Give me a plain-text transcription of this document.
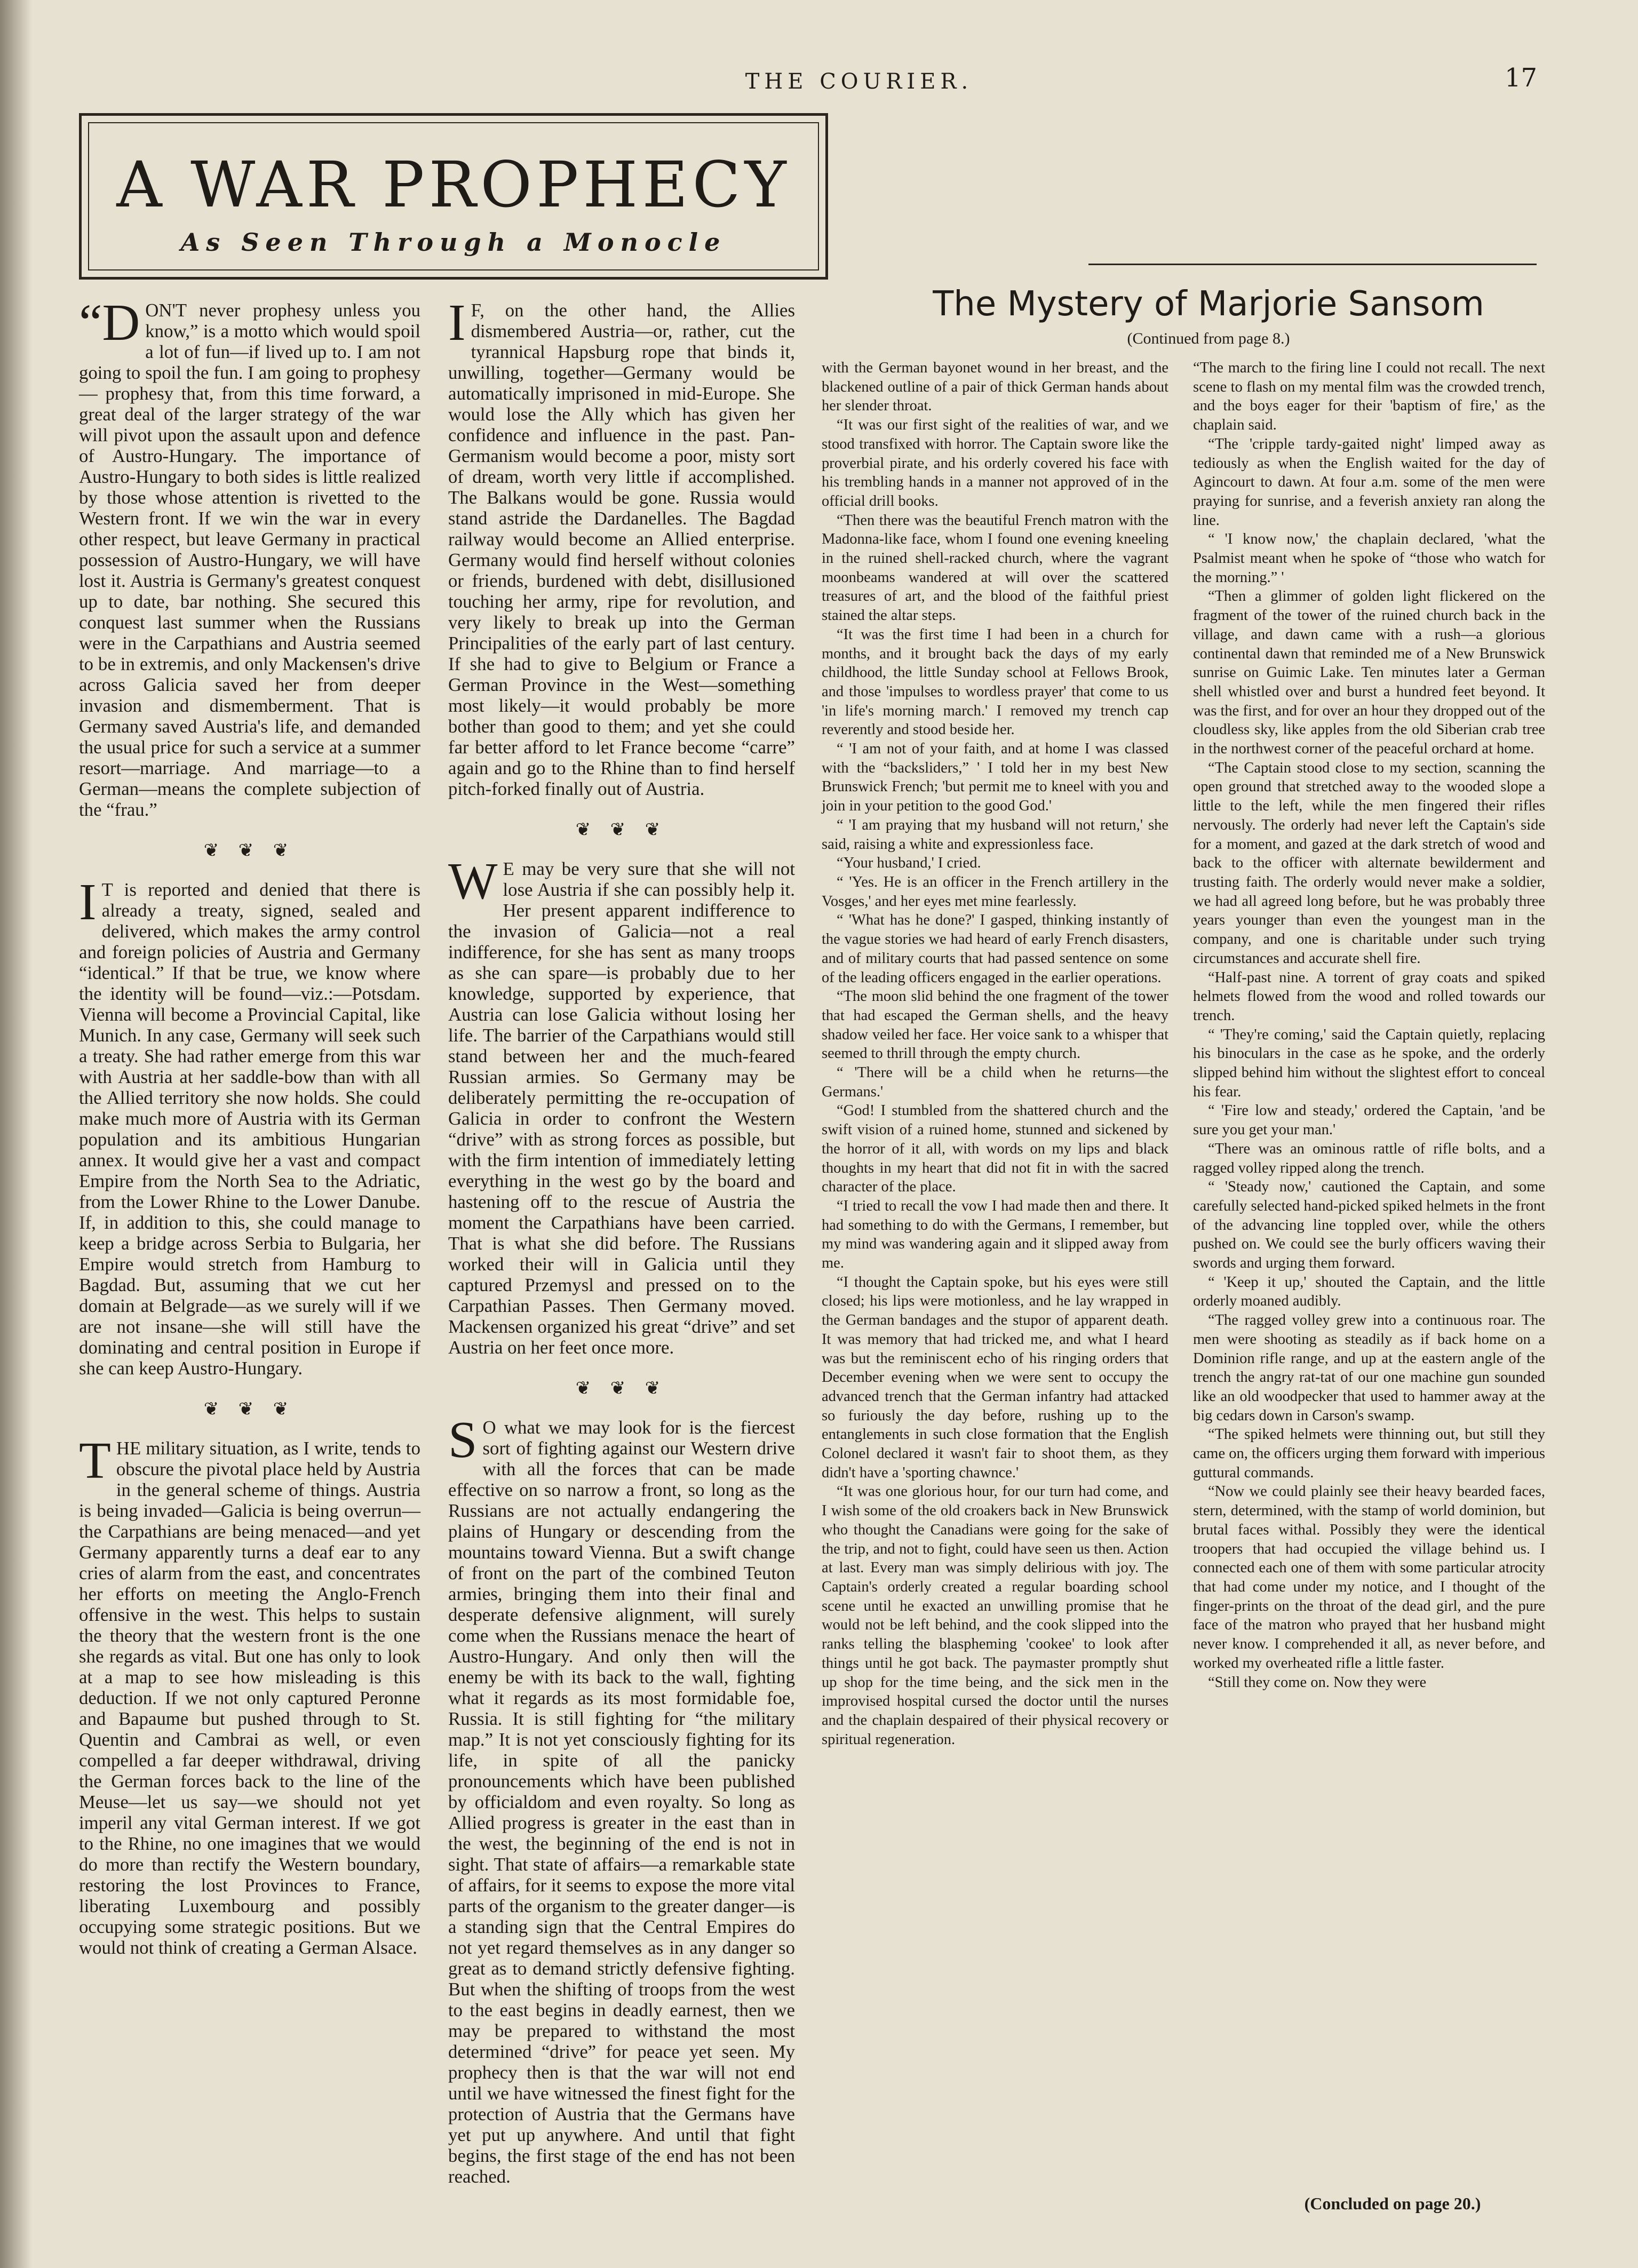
THE COURIER.	17
A WAR PROPHECY
As Seen Through a Monocle

“DON'T never prophesy unless you know,” is a motto which would spoil a lot of fun—if lived up to. I am not going to spoil the fun. I am going to prophesy — prophesy that, from this time forward, a great deal of the larger strategy of the war will pivot upon the assault upon and defence of Austro-Hungary. The importance of Austro-Hungary to both sides is little realized by those whose attention is rivetted to the Western front. If we win the war in every other respect, but leave Germany in practical possession of Austro-Hungary, we will have lost it. Austria is Germany's greatest conquest up to date, bar nothing. She secured this conquest last summer when the Russians were in the Carpathians and Austria seemed to be in extremis, and only Mackensen's drive across Galicia saved her from deeper invasion and dismemberment. That is Germany saved Austria's life, and demanded the usual price for such a service at a summer resort—marriage. And marriage—to a German—means the complete subjection of the “frau.”

❦ ❦ ❦

I T is reported and denied that there is already a treaty, signed, sealed and delivered, which makes the army control and foreign policies of Austria and Germany “identical.” If that be true, we know where the identity will be found—viz.:—Potsdam. Vienna will become a Provincial Capital, like Munich. In any case, Germany will seek such a treaty. She had rather emerge from this war with Austria at her saddle-bow than with all the Allied territory she now holds. She could make much more of Austria with its German population and its ambitious Hungarian annex. It would give her a vast and compact Empire from the North Sea to the Adriatic, from the Lower Rhine to the Lower Danube. If, in addition to this, she could manage to keep a bridge across Serbia to Bulgaria, her Empire would stretch from Hamburg to Bagdad. But, assuming that we cut her domain at Belgrade—as we surely will if we are not insane—she will still have the dominating and central position in Europe if she can keep Austro-Hungary.

❦ ❦ ❦

THE military situation, as I write, tends to obscure the pivotal place held by Austria in the general scheme of things. Austria is being invaded—Galicia is being overrun—the Carpathians are being menaced—and yet Germany apparently turns a deaf ear to any cries of alarm from the east, and concentrates her efforts on meeting the Anglo-French offensive in the west. This helps to sustain the theory that the western front is the one she regards as vital. But one has only to look at a map to see how misleading is this deduction. If we not only captured Peronne and Bapaume but pushed through to St. Quentin and Cambrai as well, or even compelled a far deeper withdrawal, driving the German forces back to the line of the Meuse—let us say—we should not yet imperil any vital German interest. If we got to the Rhine, no one imagines that we would do more than rectify the Western boundary, restoring the lost Provinces to France, liberating Luxembourg and possibly occupying some strategic positions. But we would not think of creating a German Alsace.

I F, on the other hand, the Allies dismembered Austria—or, rather, cut the tyrannical Hapsburg rope that binds it, unwilling, together—Germany would be automatically imprisoned in mid-Europe. She would lose the Ally which has given her confidence and influence in the past. Pan-Germanism would become a poor, misty sort of dream, worth very little if accomplished. The Balkans would be gone. Russia would stand astride the Dardanelles. The Bagdad railway would become an Allied enterprise. Germany would find herself without colonies or friends, burdened with debt, disillusioned touching her army, ripe for revolution, and very likely to break up into the German Principalities of the early part of last century. If she had to give to Belgium or France a German Province in the West—something most likely—it would probably be more bother than good to them; and yet she could far better afford to let France become “carre” again and go to the Rhine than to find herself pitch-forked finally out of Austria.

❦ ❦ ❦

W E may be very sure that she will not lose Austria if she can possibly help it. Her present apparent indifference to the invasion of Galicia—not a real indifference, for she has sent as many troops as she can spare—is probably due to her knowledge, supported by experience, that Austria can lose Galicia without losing her life. The barrier of the Carpathians would still stand between her and the much-feared Russian armies. So Germany may be deliberately permitting the re-occupation of Galicia in order to confront the Western “drive” with as strong forces as possible, but with the firm intention of immediately letting everything in the west go by the board and hastening off to the rescue of Austria the moment the Carpathians have been carried. That is what she did before. The Russians worked their will in Galicia until they captured Przemysl and pressed on to the Carpathian Passes. Then Germany moved. Mackensen organized his great “drive” and set Austria on her feet once more.

❦ ❦ ❦

S O what we may look for is the fiercest sort of fighting against our Western drive with all the forces that can be made effective on so narrow a front, so long as the Russians are not actually endangering the plains of Hungary or descending from the mountains toward Vienna. But a swift change of front on the part of the combined Teuton armies, bringing them into their final and desperate defensive alignment, will surely come when the Russians menace the heart of Austro-Hungary. And only then will the enemy be with its back to the wall, fighting what it regards as its most formidable foe, Russia. It is still fighting for “the military map.” It is not yet consciously fighting for its life, in spite of all the panicky pronouncements which have been published by officialdom and even royalty. So long as Allied progress is greater in the east than in the west, the beginning of the end is not in sight. That state of affairs—a remarkable state of affairs, for it seems to expose the more vital parts of the organism to the greater danger—is a standing sign that the Central Empires do not yet regard themselves as in any danger so great as to demand strictly defensive fighting. But when the shifting of troops from the west to the east begins in deadly earnest, then we may be prepared to withstand the most determined “drive” for peace yet seen. My prophecy then is that the war will not end until we have witnessed the finest fight for the protection of Austria that the Germans have yet put up anywhere. And until that fight begins, the first stage of the end has not been reached.

The Mystery of Marjorie Sansom
(Continued from page 8.)

with the German bayonet wound in her breast, and the blackened outline of a pair of thick German hands about her slender throat.

“It was our first sight of the realities of war, and we stood transfixed with horror. The Captain swore like the proverbial pirate, and his orderly covered his face with his trembling hands in a manner not approved of in the official drill books.

“Then there was the beautiful French matron with the Madonna-like face, whom I found one evening kneeling in the ruined shell-racked church, where the vagrant moonbeams wandered at will over the scattered treasures of art, and the blood of the faithful priest stained the altar steps.

“It was the first time I had been in a church for months, and it brought back the days of my early childhood, the little Sunday school at Fellows Brook, and those 'impulses to wordless prayer' that come to us 'in life's morning march.' I removed my trench cap reverently and stood beside her.

“ 'I am not of your faith, and at home I was classed with the “backsliders,” ' I told her in my best New Brunswick French; 'but permit me to kneel with you and join in your petition to the good God.'

“ 'I am praying that my husband will not return,' she said, raising a white and expressionless face.

“Your husband,' I cried.

“ 'Yes. He is an officer in the French artillery in the Vosges,' and her eyes met mine fearlessly.

“ 'What has he done?' I gasped, thinking instantly of the vague stories we had heard of early French disasters, and of military courts that had passed sentence on some of the leading officers engaged in the earlier operations.

“The moon slid behind the one fragment of the tower that had escaped the German shells, and the heavy shadow veiled her face. Her voice sank to a whisper that seemed to thrill through the empty church.

“ 'There will be a child when he returns—the Germans.'

“God! I stumbled from the shattered church and the swift vision of a ruined home, stunned and sickened by the horror of it all, with words on my lips and black thoughts in my heart that did not fit in with the sacred character of the place.

“I tried to recall the vow I had made then and there. It had something to do with the Germans, I remember, but my mind was wandering again and it slipped away from me.

“I thought the Captain spoke, but his eyes were still closed; his lips were motionless, and he lay wrapped in the German bandages and the stupor of apparent death. It was memory that had tricked me, and what I heard was but the reminiscent echo of his ringing orders that December evening when we were sent to occupy the advanced trench that the German infantry had attacked so furiously the day before, rushing up to the entanglements in such close formation that the English Colonel declared it wasn't fair to shoot them, as they didn't have a 'sporting chawnce.'

“It was one glorious hour, for our turn had come, and I wish some of the old croakers back in New Brunswick who thought the Canadians were going for the sake of the trip, and not to fight, could have seen us then. Action at last. Every man was simply delirious with joy. The Captain's orderly created a regular boarding school scene until he exacted an unwilling promise that he would not be left behind, and the cook slipped into the ranks telling the blaspheming 'cookee' to look after things until he got back. The paymaster promptly shut up shop for the time being, and the sick men in the improvised hospital cursed the doctor until the nurses and the chaplain despaired of their physical recovery or spiritual regeneration.

“The march to the firing line I could not recall. The next scene to flash on my mental film was the crowded trench, and the boys eager for their 'baptism of fire,' as the chaplain said.

“The 'cripple tardy-gaited night' limped away as tediously as when the English waited for the day of Agincourt to dawn. At four a.m. some of the men were praying for sunrise, and a feverish anxiety ran along the line.

“ 'I know now,' the chaplain declared, 'what the Psalmist meant when he spoke of “those who watch for the morning.” '

“Then a glimmer of golden light flickered on the fragment of the tower of the ruined church back in the village, and dawn came with a rush—a glorious continental dawn that reminded me of a New Brunswick sunrise on Guimic Lake. Ten minutes later a German shell whistled over and burst a hundred feet beyond. It was the first, and for over an hour they dropped out of the cloudless sky, like apples from the old Siberian crab tree in the northwest corner of the peaceful orchard at home.

“The Captain stood close to my section, scanning the open ground that stretched away to the wooded slope a little to the left, while the men fingered their rifles nervously. The orderly had never left the Captain's side for a moment, and gazed at the dark stretch of wood and back to the officer with alternate bewilderment and trusting faith. The orderly would never make a soldier, we had all agreed long before, but he was probably three years younger than even the youngest man in the company, and one is charitable under such trying circumstances and accurate shell fire.

“Half-past nine. A torrent of gray coats and spiked helmets flowed from the wood and rolled towards our trench.

“ 'They're coming,' said the Captain quietly, replacing his binoculars in the case as he spoke, and the orderly slipped behind him without the slightest effort to conceal his fear.

“ 'Fire low and steady,' ordered the Captain, 'and be sure you get your man.'

“There was an ominous rattle of rifle bolts, and a ragged volley ripped along the trench.

“ 'Steady now,' cautioned the Captain, and some carefully selected hand-picked spiked helmets in the front of the advancing line toppled over, while the others pushed on. We could see the burly officers waving their swords and urging them forward.

“ 'Keep it up,' shouted the Captain, and the little orderly moaned audibly.

“The ragged volley grew into a continuous roar. The men were shooting as steadily as if back home on a Dominion rifle range, and up at the eastern angle of the trench the angry rat-tat of our one machine gun sounded like an old woodpecker that used to hammer away at the big cedars down in Carson's swamp.

“The spiked helmets were thinning out, but still they came on, the officers urging them forward with imperious guttural commands.

“Now we could plainly see their heavy bearded faces, stern, determined, with the stamp of world dominion, but brutal faces withal. Possibly they were the identical troopers that had occupied the village behind us. I connected each one of them with some particular atrocity that had come under my notice, and I thought of the finger-prints on the throat of the dead girl, and the pure face of the matron who prayed that her husband might never know. I comprehended it all, as never before, and worked my overheated rifle a little faster.

“Still they come on. Now they were

(Concluded on page 20.)
